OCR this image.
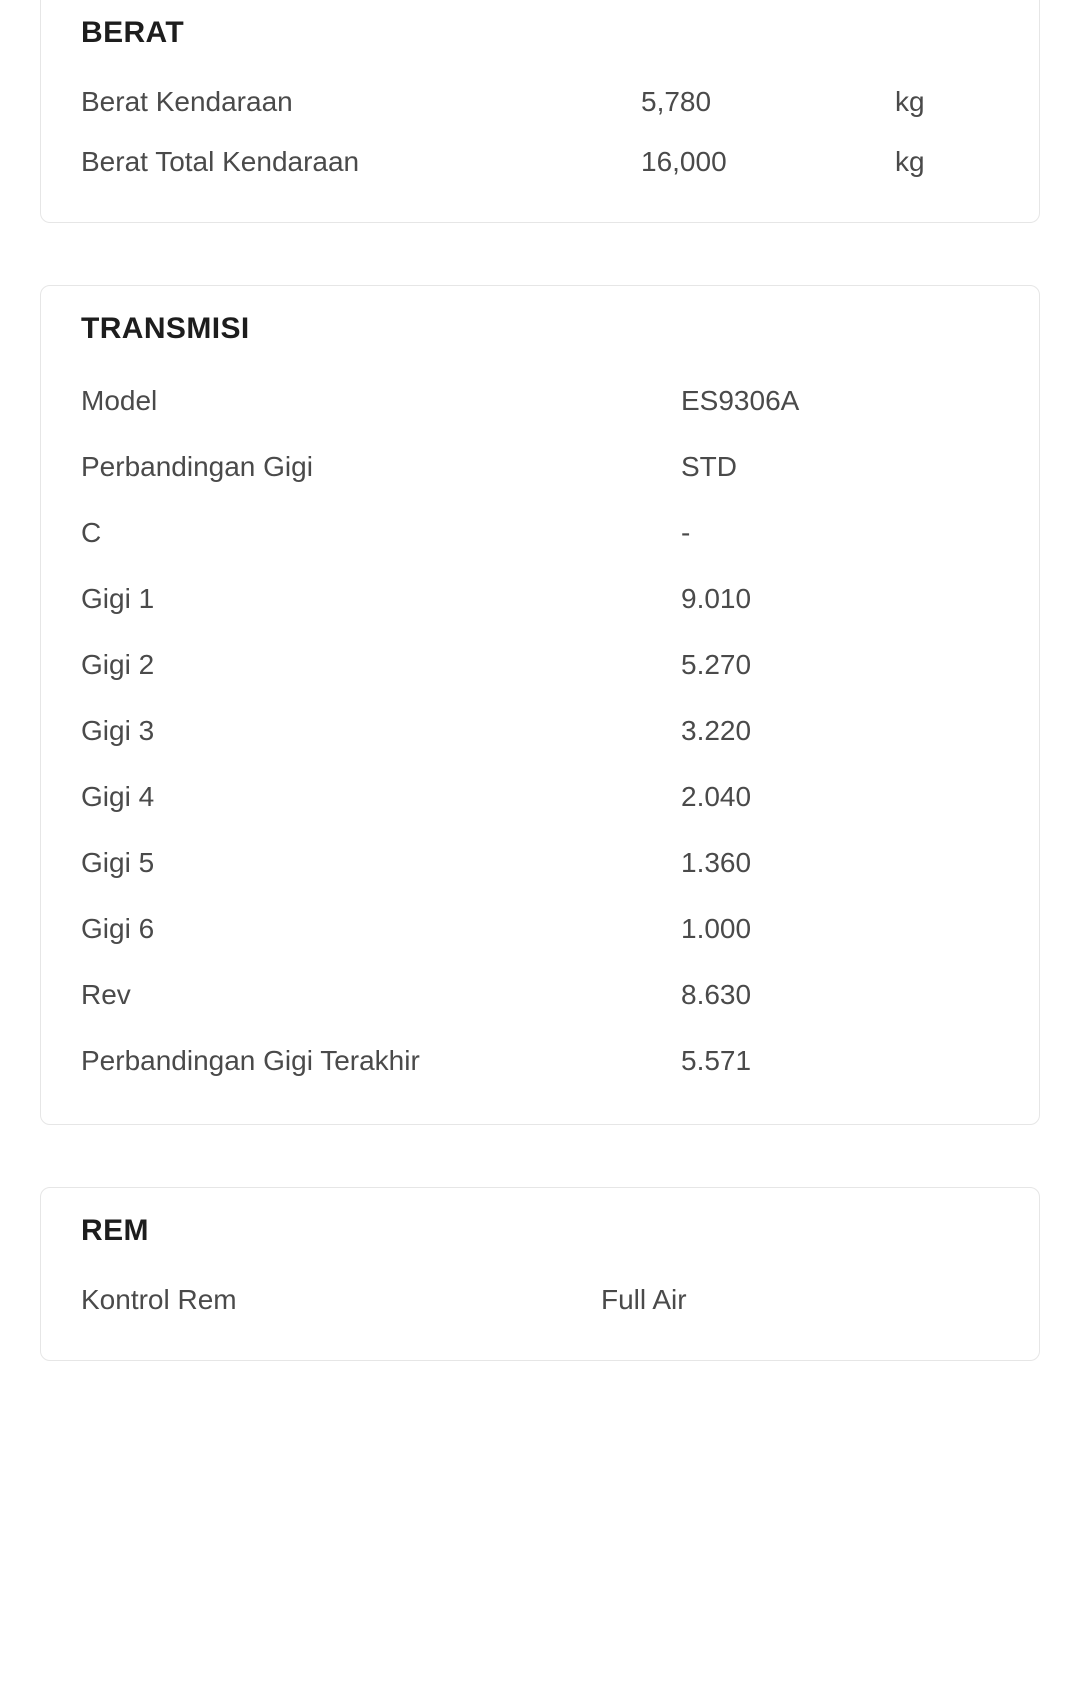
BERAT
Berat Kendaraan	5,780	kg
Berat Total Kendaraan	16,000	kg
TRANSMISI
Model	ES9306A
Perbandingan Gigi	STD
C	-
Gigi 1	9.010
Gigi 2	5.270
Gigi 3	3.220
Gigi 4	2.040
Gigi 5	1.360
Gigi 6	1.000
Rev	8.630
Perbandingan Gigi Terakhir	5.571
REM
Kontrol Rem	Full Air
